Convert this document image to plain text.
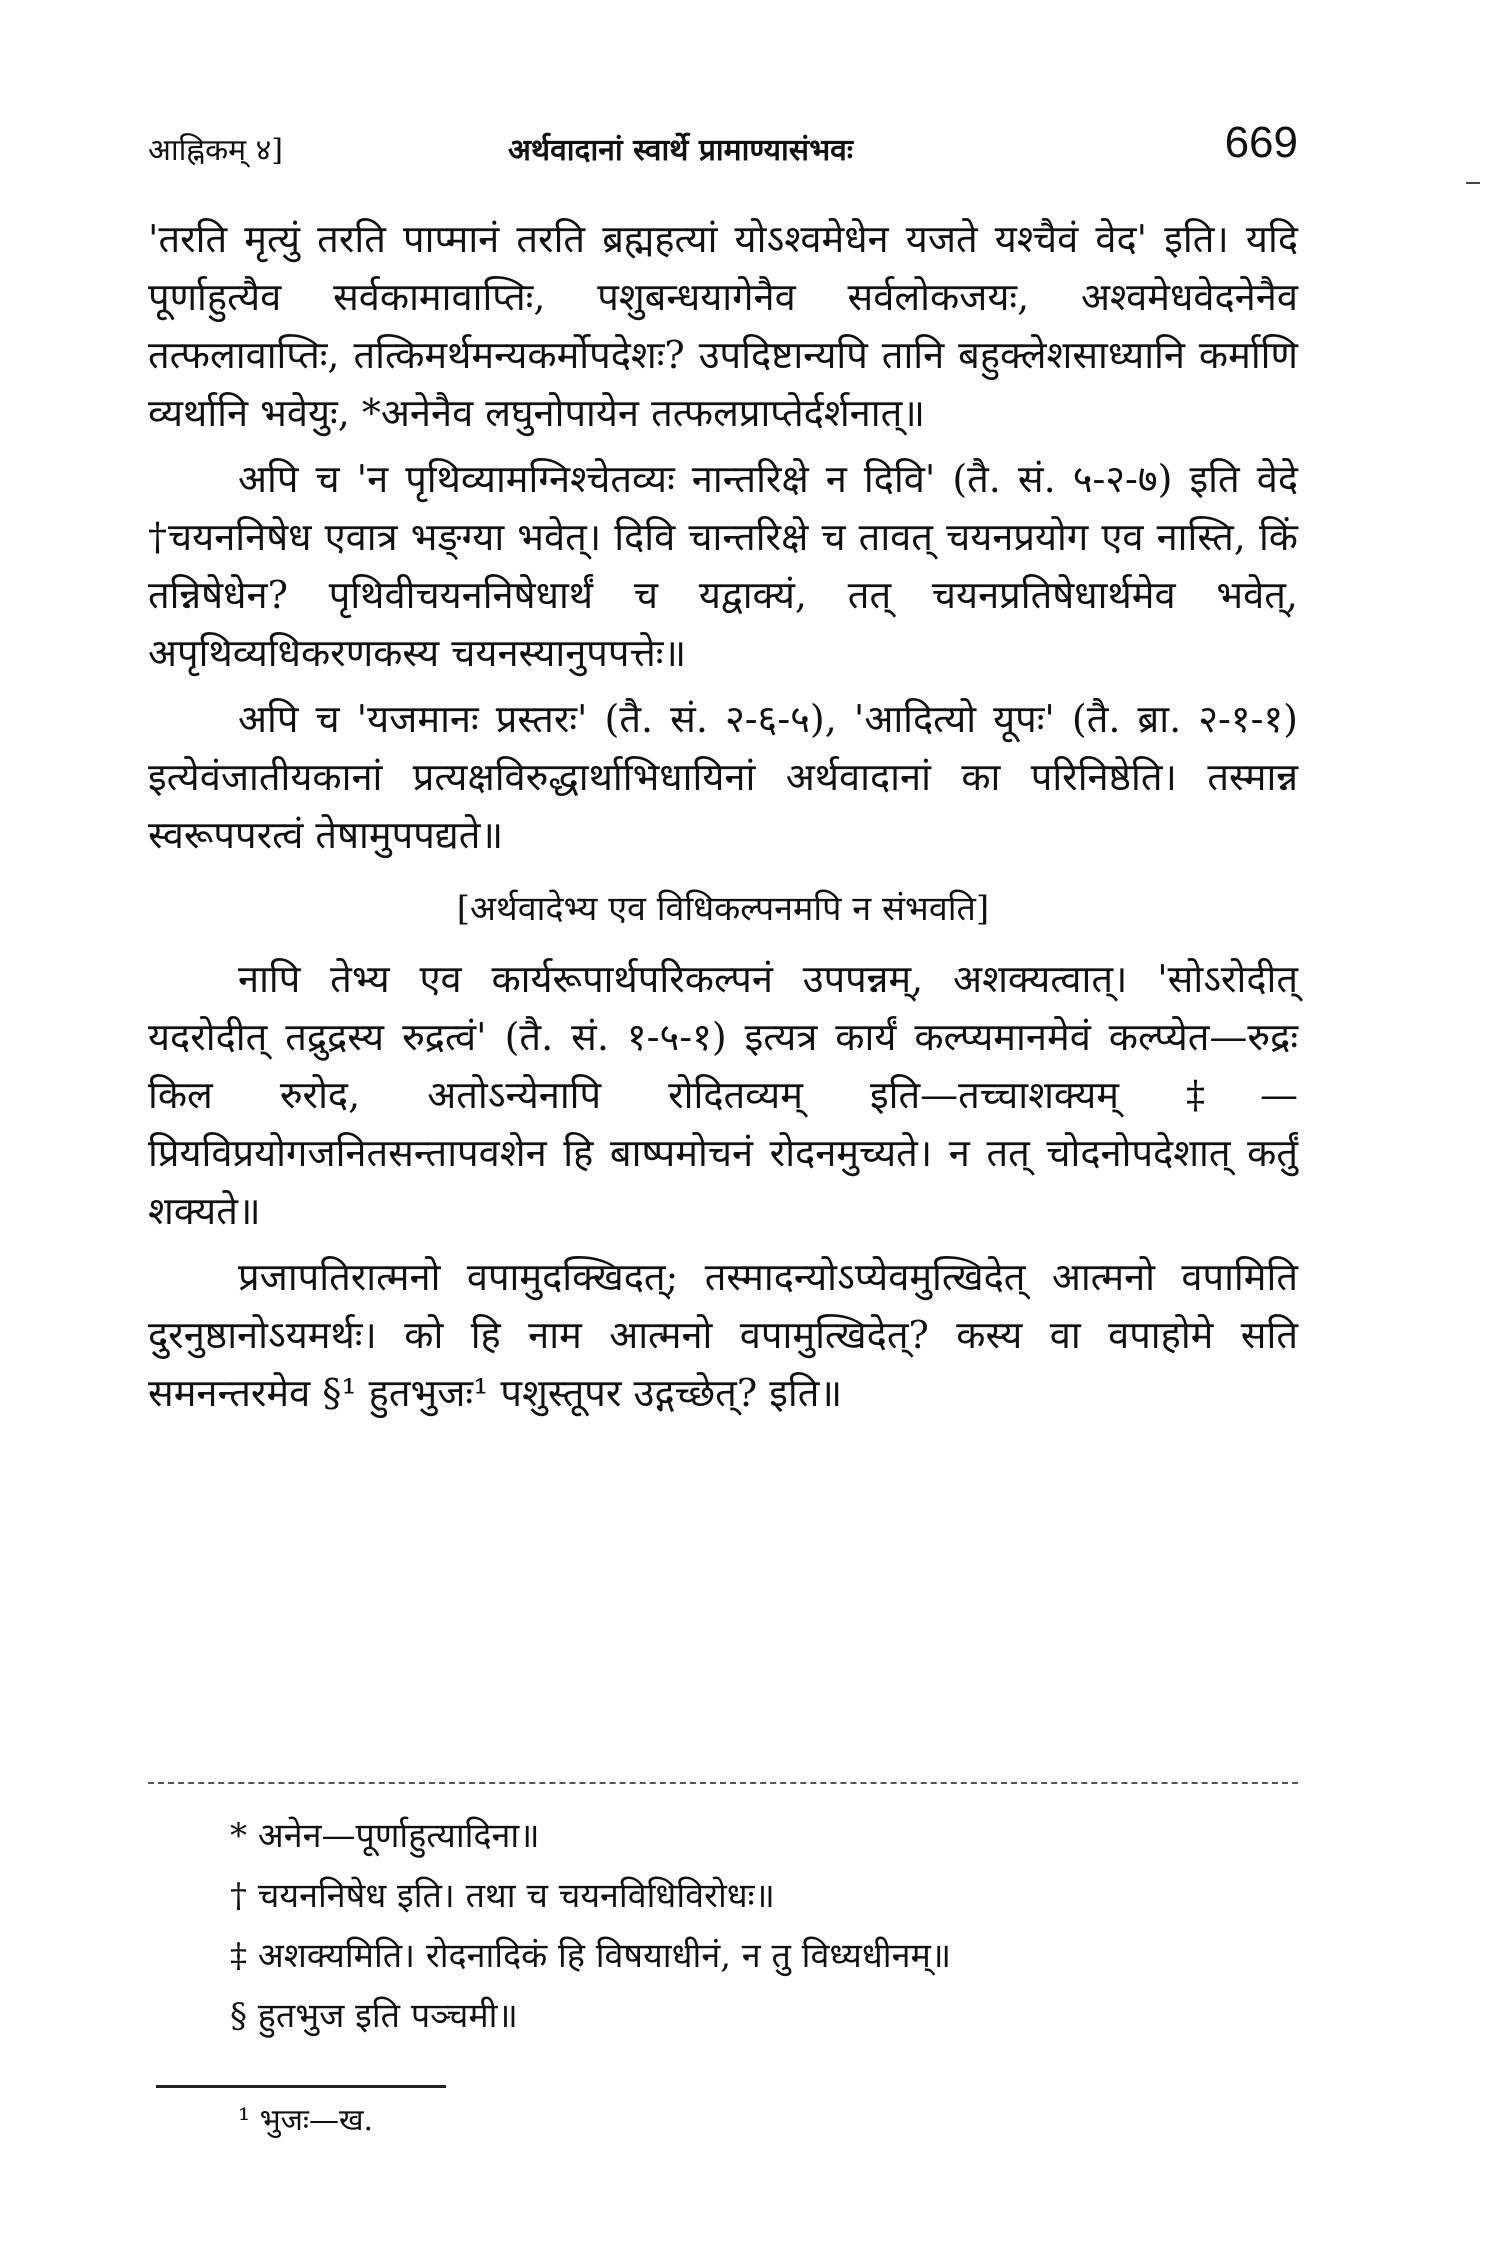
आह्निकम् ४]	अर्थवादानां स्वार्थे प्रामाण्यासंभवः	669

'तरति मृत्युं तरति पाप्मानं तरति ब्रह्महत्यां योऽश्वमेधेन यजते यश्चैवं वेद' इति। यदि पूर्णाहुत्यैव सर्वकामावाप्तिः, पशुबन्धयागेनैव सर्वलोकजयः, अश्वमेधवेदनेनैव तत्फलावाप्तिः, तत्किमर्थमन्यकर्मोपदेशः? उपदिष्टान्यपि तानि बहुक्लेशसाध्यानि कर्माणि व्यर्थानि भवेयुः, *अनेनैव लघुनोपायेन तत्फलप्राप्तेर्दर्शनात्॥

अपि च 'न पृथिव्यामग्निश्चेतव्यः नान्तरिक्षे न दिवि' (तै. सं. ५-२-७) इति वेदे †चयननिषेध एवात्र भङ्ग्या भवेत्। दिवि चान्तरिक्षे च तावत् चयनप्रयोग एव नास्ति, किं तन्निषेधेन? पृथिवीचयननिषेधार्थं च यद्वाक्यं, तत् चयनप्रतिषेधार्थमेव भवेत्, अपृथिव्यधिकरणकस्य चयनस्यानुपपत्तेः॥

अपि च 'यजमानः प्रस्तरः' (तै. सं. २-६-५), 'आदित्यो यूपः' (तै. ब्रा. २-१-१) इत्येवंजातीयकानां प्रत्यक्षविरुद्धार्थाभिधायिनां अर्थवादानां का परिनिष्ठेति। तस्मान्न स्वरूपपरत्वं तेषामुपपद्यते॥

[अर्थवादेभ्य एव विधिकल्पनमपि न संभवति]

नापि तेभ्य एव कार्यरूपार्थपरिकल्पनं उपपन्नम्, अशक्यत्वात्। 'सोऽरोदीत् यदरोदीत् तद्रुद्रस्य रुद्रत्वं' (तै. सं. १-५-१) इत्यत्र कार्यं कल्प्यमानमेवं कल्प्येत—रुद्रः किल रुरोद, अतोऽन्येनापि रोदितव्यम् इति—तच्चाशक्यम् ‡—प्रियविप्रयोगजनितसन्तापवशेन हि बाष्पमोचनं रोदनमुच्यते। न तत् चोदनोपदेशात् कर्तुं शक्यते॥

प्रजापतिरात्मनो वपामुदक्खिदत्; तस्मादन्योऽप्येवमुत्खिदेत् आत्मनो वपामिति दुरनुष्ठानोऽयमर्थः। को हि नाम आत्मनो वपामुत्खिदेत्? कस्य वा वपाहोमे सति समनन्तरमेव §¹ हुतभुजः¹ पशुस्तूपर उद्गच्छेत्? इति॥

* अनेन—पूर्णाहुत्यादिना॥
† चयननिषेध इति। तथा च चयनविधिविरोधः॥
‡ अशक्यमिति। रोदनादिकं हि विषयाधीनं, न तु विध्यधीनम्॥
§ हुतभुज इति पञ्चमी॥
¹ भुजः—ख.
